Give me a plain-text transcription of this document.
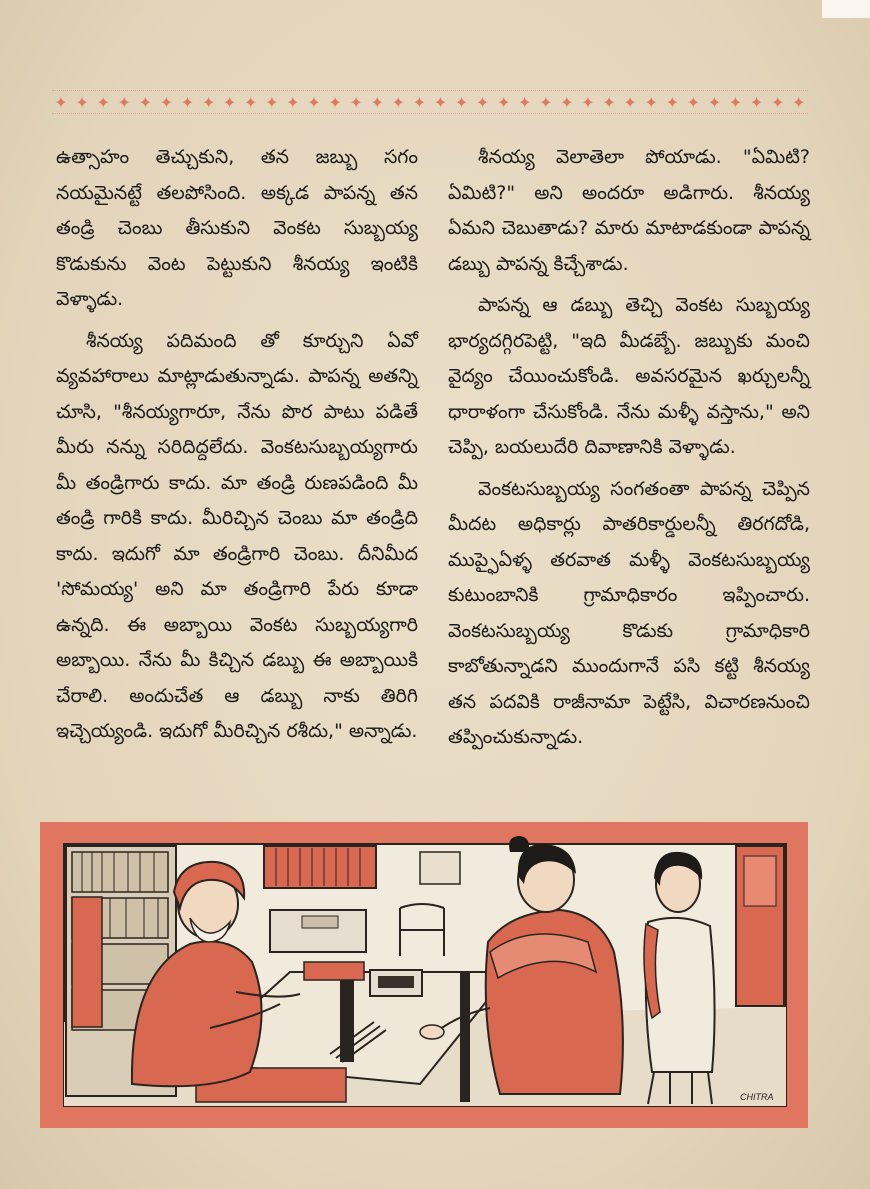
✦ ✦ ✦ ✦ ✦ ✦ ✦ ✦ ✦ ✦ ✦ ✦ ✦ ✦ ✦ ✦ ✦ ✦ ✦ ✦ ✦ ✦ ✦ ✦ ✦ ✦ ✦ ✦ ✦ ✦ ✦ ✦ ✦ ✦ ✦ ✦

ఉత్సాహం తెచ్చుకుని, తన జబ్బు సగం నయమైనట్టే తలపోసింది. అక్కడ పాపన్న తన తండ్రి చెంబు తీసుకుని వెంకట సుబ్బయ్య కొడుకును వెంట పెట్టుకుని శీనయ్య ఇంటికి వెళ్ళాడు.

శీనయ్య పదిమంది తో కూర్చుని ఏవో వ్యవహారాలు మాట్లాడుతున్నాడు. పాపన్న అతన్ని చూసి, "శీనయ్యగారూ, నేను పొర పాటు పడితే మీరు నన్ను సరిదిద్దలేదు. వెంకటసుబ్బయ్యగారు మీ తండ్రిగారు కాదు. మా తండ్రి రుణపడింది మీ తండ్రి గారికి కాదు. మీరిచ్చిన చెంబు మా తండ్రిది కాదు. ఇదుగో మా తండ్రిగారి చెంబు. దీనిమీద 'సోమయ్య' అని మా తండ్రిగారి పేరు కూడా ఉన్నది. ఈ అబ్బాయి వెంకట సుబ్బయ్యగారి అబ్బాయి. నేను మీ కిచ్చిన డబ్బు ఈ అబ్బాయికి చేరాలి. అందుచేత ఆ డబ్బు నాకు తిరిగి ఇచ్చెయ్యండి. ఇదుగో మీరిచ్చిన రశీదు," అన్నాడు.

శీనయ్య వెలాతెలా పోయాడు. "ఏమిటి? ఏమిటి?" అని అందరూ అడిగారు. శీనయ్య ఏమని చెబుతాడు? మారు మాటాడకుండా పాపన్న డబ్బు పాపన్న కిచ్చేశాడు.

పాపన్న ఆ డబ్బు తెచ్చి వెంకట సుబ్బయ్య భార్యదగ్గిరపెట్టి, "ఇది మీడబ్బే. జబ్బుకు మంచి వైద్యం చేయించుకోండి. అవసరమైన ఖర్చులన్నీ ధారాళంగా చేసుకోండి. నేను మళ్ళీ వస్తాను," అని చెప్పి, బయలుదేరి దివాణానికి వెళ్ళాడు.

వెంకటసుబ్బయ్య సంగతంతా పాపన్న చెప్పిన మీదట అధికార్లు పాతరికార్డులన్నీ తిరగదోడి, ముప్ఫైఏళ్ళ తరవాత మళ్ళీ వెంకటసుబ్బయ్య కుటుంబానికి గ్రామాధికారం ఇప్పించారు. వెంకటసుబ్బయ్య కొడుకు గ్రామాధికారి కాబోతున్నాడని ముందుగానే పసి కట్టి శీనయ్య తన పదవికి రాజీనామా పెట్టేసి, విచారణనుంచి తప్పించుకున్నాడు.

CHITRA
